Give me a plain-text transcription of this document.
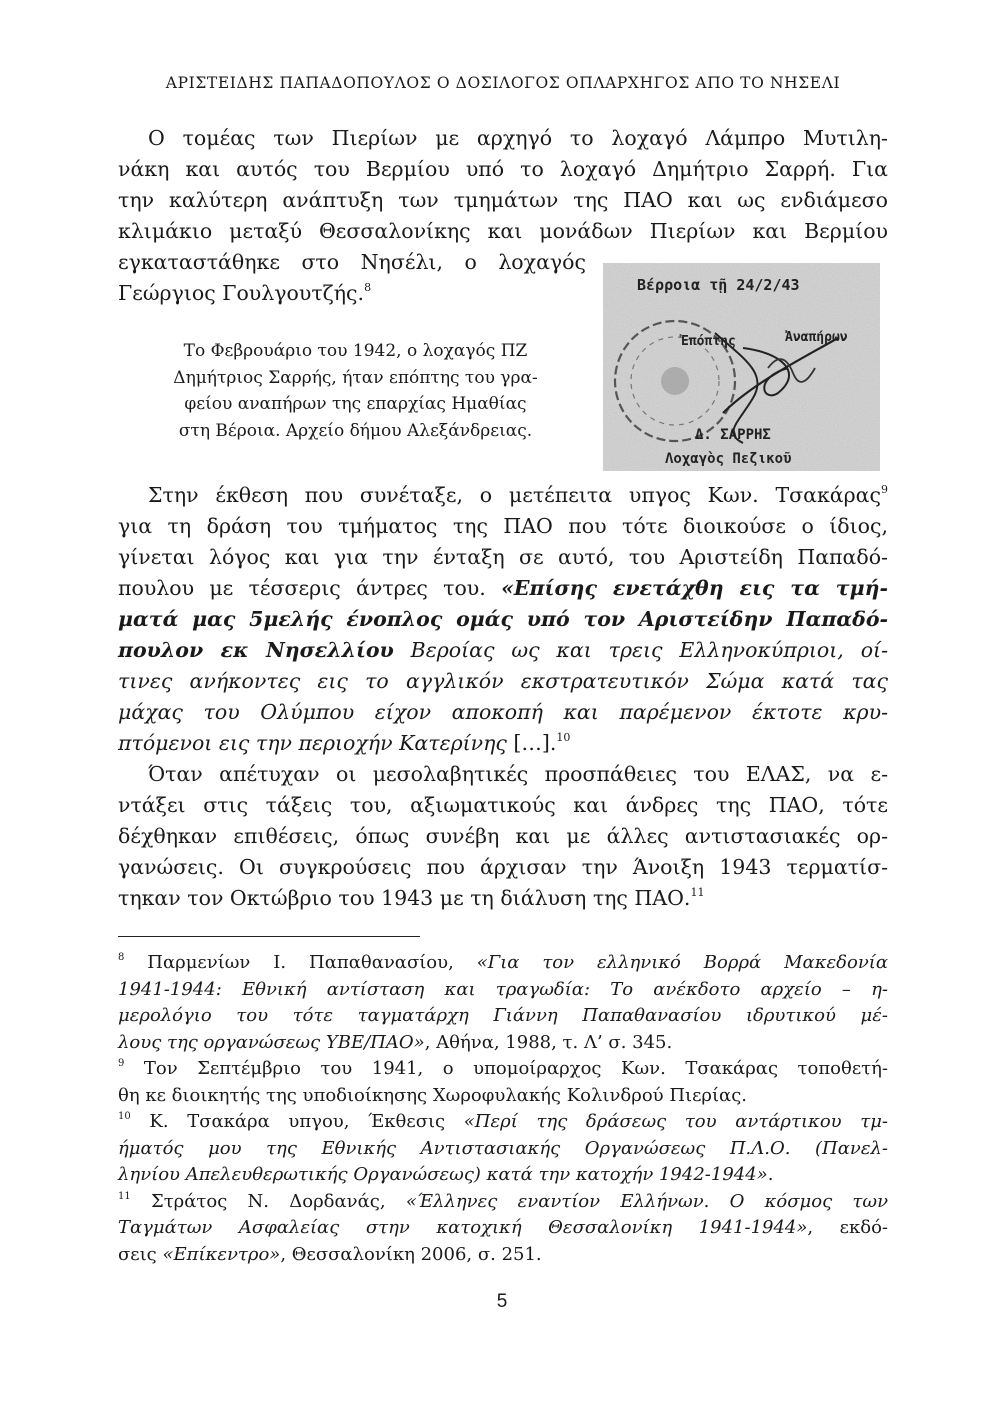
ΑΡΙΣΤΕΙΔΗΣ ΠΑΠΑΔΟΠΟΥΛΟΣ Ο ΔΟΣΙΛΟΓΟΣ ΟΠΛΑΡΧΗΓΟΣ ΑΠΟ ΤΟ ΝΗΣΕΛΙ
Ο τομέας των Πιερίων με αρχηγό το λοχαγό Λάμπρο Μυτιλη-
νάκη και αυτός του Βερμίου υπό το λοχαγό Δημήτριο Σαρρή. Για
την καλύτερη ανάπτυξη των τμημάτων της ΠΑΟ και ως ενδιάμεσο
κλιμάκιο μεταξύ Θεσσαλονίκης και μονάδων Πιερίων και Βερμίου
εγκαταστάθηκε στο Νησέλι, ο λοχαγός
Γεώργιος Γουλγουτζής.$^8$
Το Φεβρουάριο του 1942, ο λοχαγός ΠΖ
Δημήτριος Σαρρής, ήταν επόπτης του γρα-
φείου αναπήρων της επαρχίας Ημαθίας
στη Βέροια. Αρχείο δήμου Αλεξάνδρειας.
Βέρροια τῇ 24/2/43
Ἐπόπτης	Ἀναπήρων
Δ. ΣΑΡΡΗΣ
Λοχαγὸς Πεζικοῦ
Στην έκθεση που συνέταξε, ο μετέπειτα υπγος Κων. Τσακάρας$^9$
για τη δράση του τμήματος της ΠΑΟ που τότε διοικούσε ο ίδιος,
γίνεται λόγος και για την ένταξη σε αυτό, του Αριστείδη Παπαδό-
πουλου με τέσσερις άντρες του. «Επίσης ενετάχθη εις τα τμή-
ματά μας 5μελής ένοπλος ομάς υπό τον Αριστείδην Παπαδό-
πουλον εκ Νησελλίου Βεροίας ως και τρεις Ελληνοκύπριοι, οί-
τινες ανήκοντες εις το αγγλικόν εκστρατευτικόν Σώμα κατά τας
μάχας του Ολύμπου είχον αποκοπή και παρέμενον έκτοτε κρυ-
πτόμενοι εις την περιοχήν Κατερίνης […].$^{10}$
Όταν απέτυχαν οι μεσολαβητικές προσπάθειες του ΕΛΑΣ, να ε-
ντάξει στις τάξεις του, αξιωματικούς και άνδρες της ΠΑΟ, τότε
δέχθηκαν επιθέσεις, όπως συνέβη και με άλλες αντιστασιακές ορ-
γανώσεις. Οι συγκρούσεις που άρχισαν την Άνοιξη 1943 τερματίσ-
τηκαν τον Οκτώβριο του 1943 με τη διάλυση της ΠΑΟ.$^{11}$
$^8$ Παρμενίων Ι. Παπαθανασίου, «Για τον ελληνικό Βορρά Μακεδονία
1941-1944: Εθνική αντίσταση και τραγωδία: Το ανέκδοτο αρχείο – η-
μερολόγιο του τότε ταγματάρχη Γιάννη Παπαθανασίου ιδρυτικού μέ-
λους της οργανώσεως ΥΒΕ/ΠΑΟ», Αθήνα, 1988, τ. Λ’ σ. 345.
$^9$ Τον Σεπτέμβριο του 1941, ο υπομοίραρχος Κων. Τσακάρας τοποθετή-
θη κε διοικητής της υποδιοίκησης Χωροφυλακής Κολινδρού Πιερίας.
$^{10}$ Κ. Τσακάρα υπγου, Έκθεσις «Περί της δράσεως του αντάρτικου τμ-
ήματός μου της Εθνικής Αντιστασιακής Οργανώσεως Π.Λ.Ο. (Πανελ-
ληνίου Απελευθερωτικής Οργανώσεως) κατά την κατοχήν 1942-1944».
$^{11}$ Στράτος Ν. Δορδανάς, «Έλληνες εναντίον Ελλήνων. Ο κόσμος των
Ταγμάτων Ασφαλείας στην κατοχική Θεσσαλονίκη 1941-1944», εκδό-
σεις «Επίκεντρο», Θεσσαλονίκη 2006, σ. 251.
5
